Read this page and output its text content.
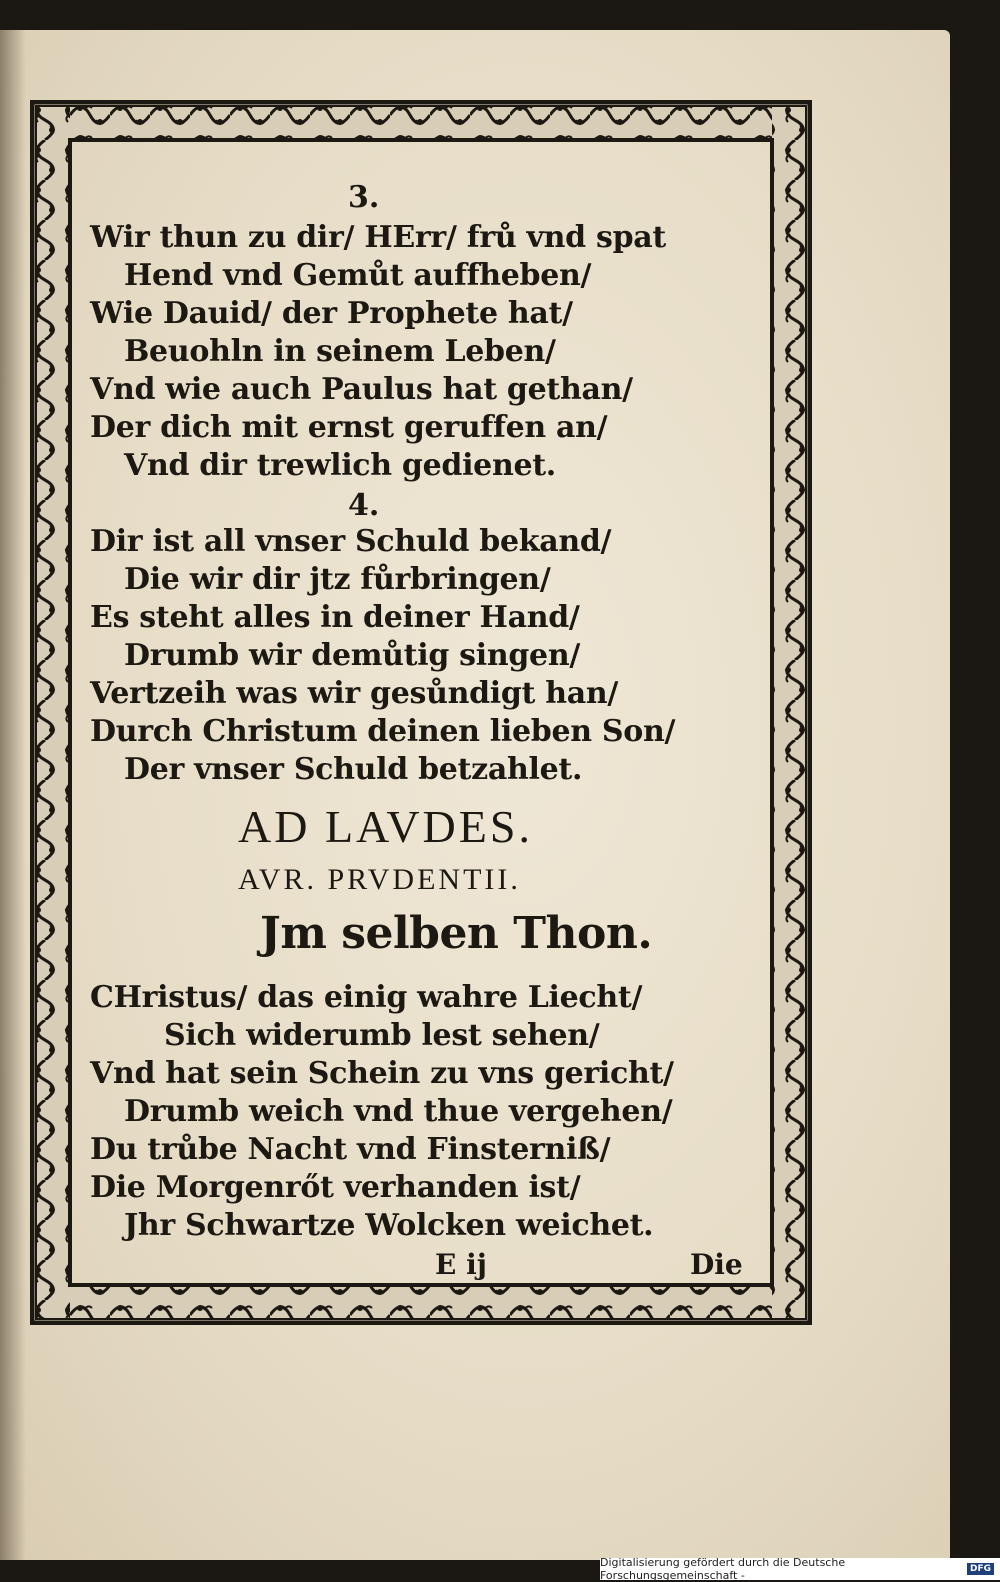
3.
Wir thun zu dir/ HErr/ frů vnd spat
Hend vnd Gemůt auffheben/
Wie Dauid/ der Prophete hat/
Beuohln in seinem Leben/
Vnd wie auch Paulus hat gethan/
Der dich mit ernst geruffen an/
Vnd dir trewlich gedienet.
4.
Dir ist all vnser Schuld bekand/
Die wir dir jtz fůrbringen/
Es steht alles in deiner Hand/
Drumb wir demůtig singen/
Vertzeih was wir gesůndigt han/
Durch Christum deinen lieben Son/
Der vnser Schuld betzahlet.
AD LAVDES.
AVR. PRVDENTII.
Jm selben Thon.
CHristus/ das einig wahre Liecht/
Sich widerumb lest sehen/
Vnd hat sein Schein zu vns gericht/
Drumb weich vnd thue vergehen/
Du trůbe Nacht vnd Finsterniß/
Die Morgenrőt verhanden ist/
Jhr Schwartze Wolcken weichet.
E ij	Die
Digitalisierung gefördert durch die Deutsche Forschungsgemeinschaft -	DFG
